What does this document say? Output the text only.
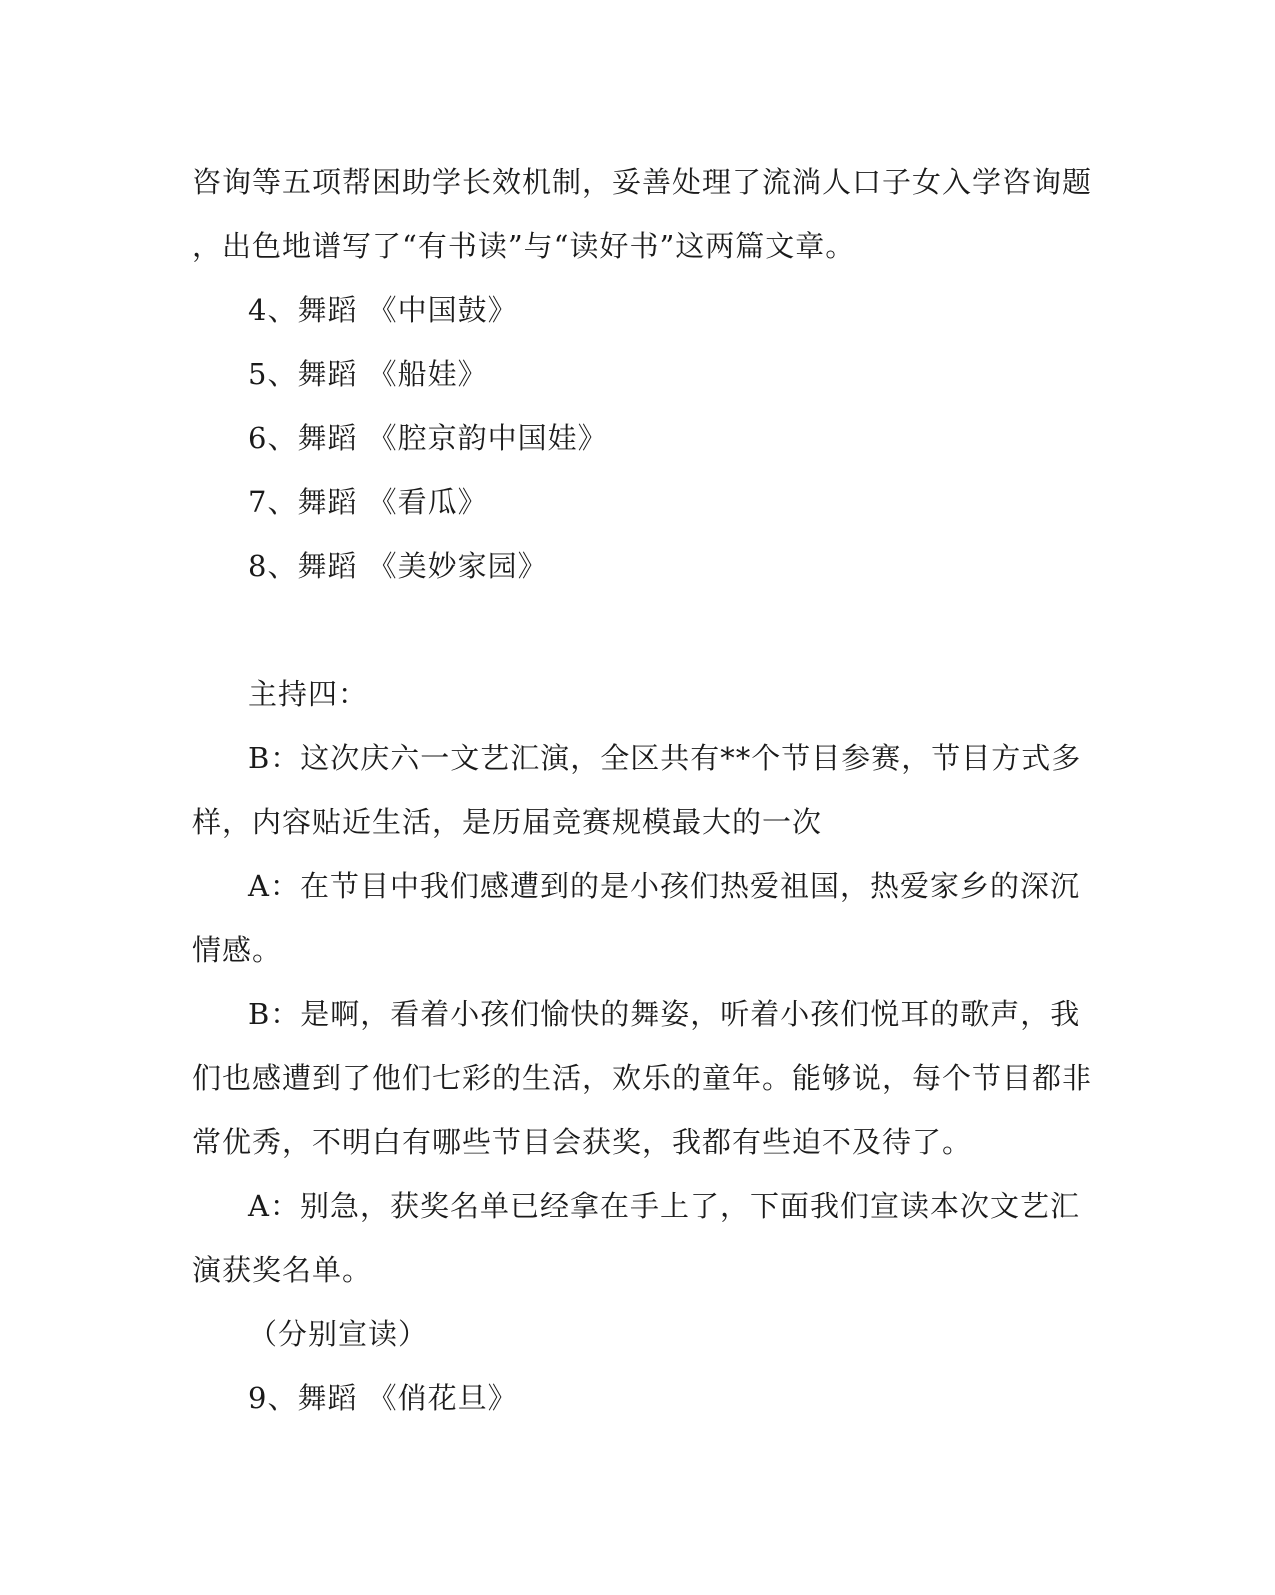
咨询等五项帮困助学长效机制，妥善处理了流淌人口子女入学咨询题
，出色地谱写了“有书读”与“读好书”这两篇文章。
4、舞蹈 《中国鼓》
5、舞蹈 《船娃》
6、舞蹈 《腔京韵中国娃》
7、舞蹈 《看瓜》
8、舞蹈 《美妙家园》
主持四：
B：这次庆六一文艺汇演，全区共有**个节目参赛，节目方式多
样，内容贴近生活，是历届竞赛规模最大的一次
A：在节目中我们感遭到的是小孩们热爱祖国，热爱家乡的深沉
情感。
B：是啊，看着小孩们愉快的舞姿，听着小孩们悦耳的歌声，我
们也感遭到了他们七彩的生活，欢乐的童年。能够说，每个节目都非
常优秀，不明白有哪些节目会获奖，我都有些迫不及待了。
A：别急，获奖名单已经拿在手上了，下面我们宣读本次文艺汇
演获奖名单。
（分别宣读）
9、舞蹈 《俏花旦》
